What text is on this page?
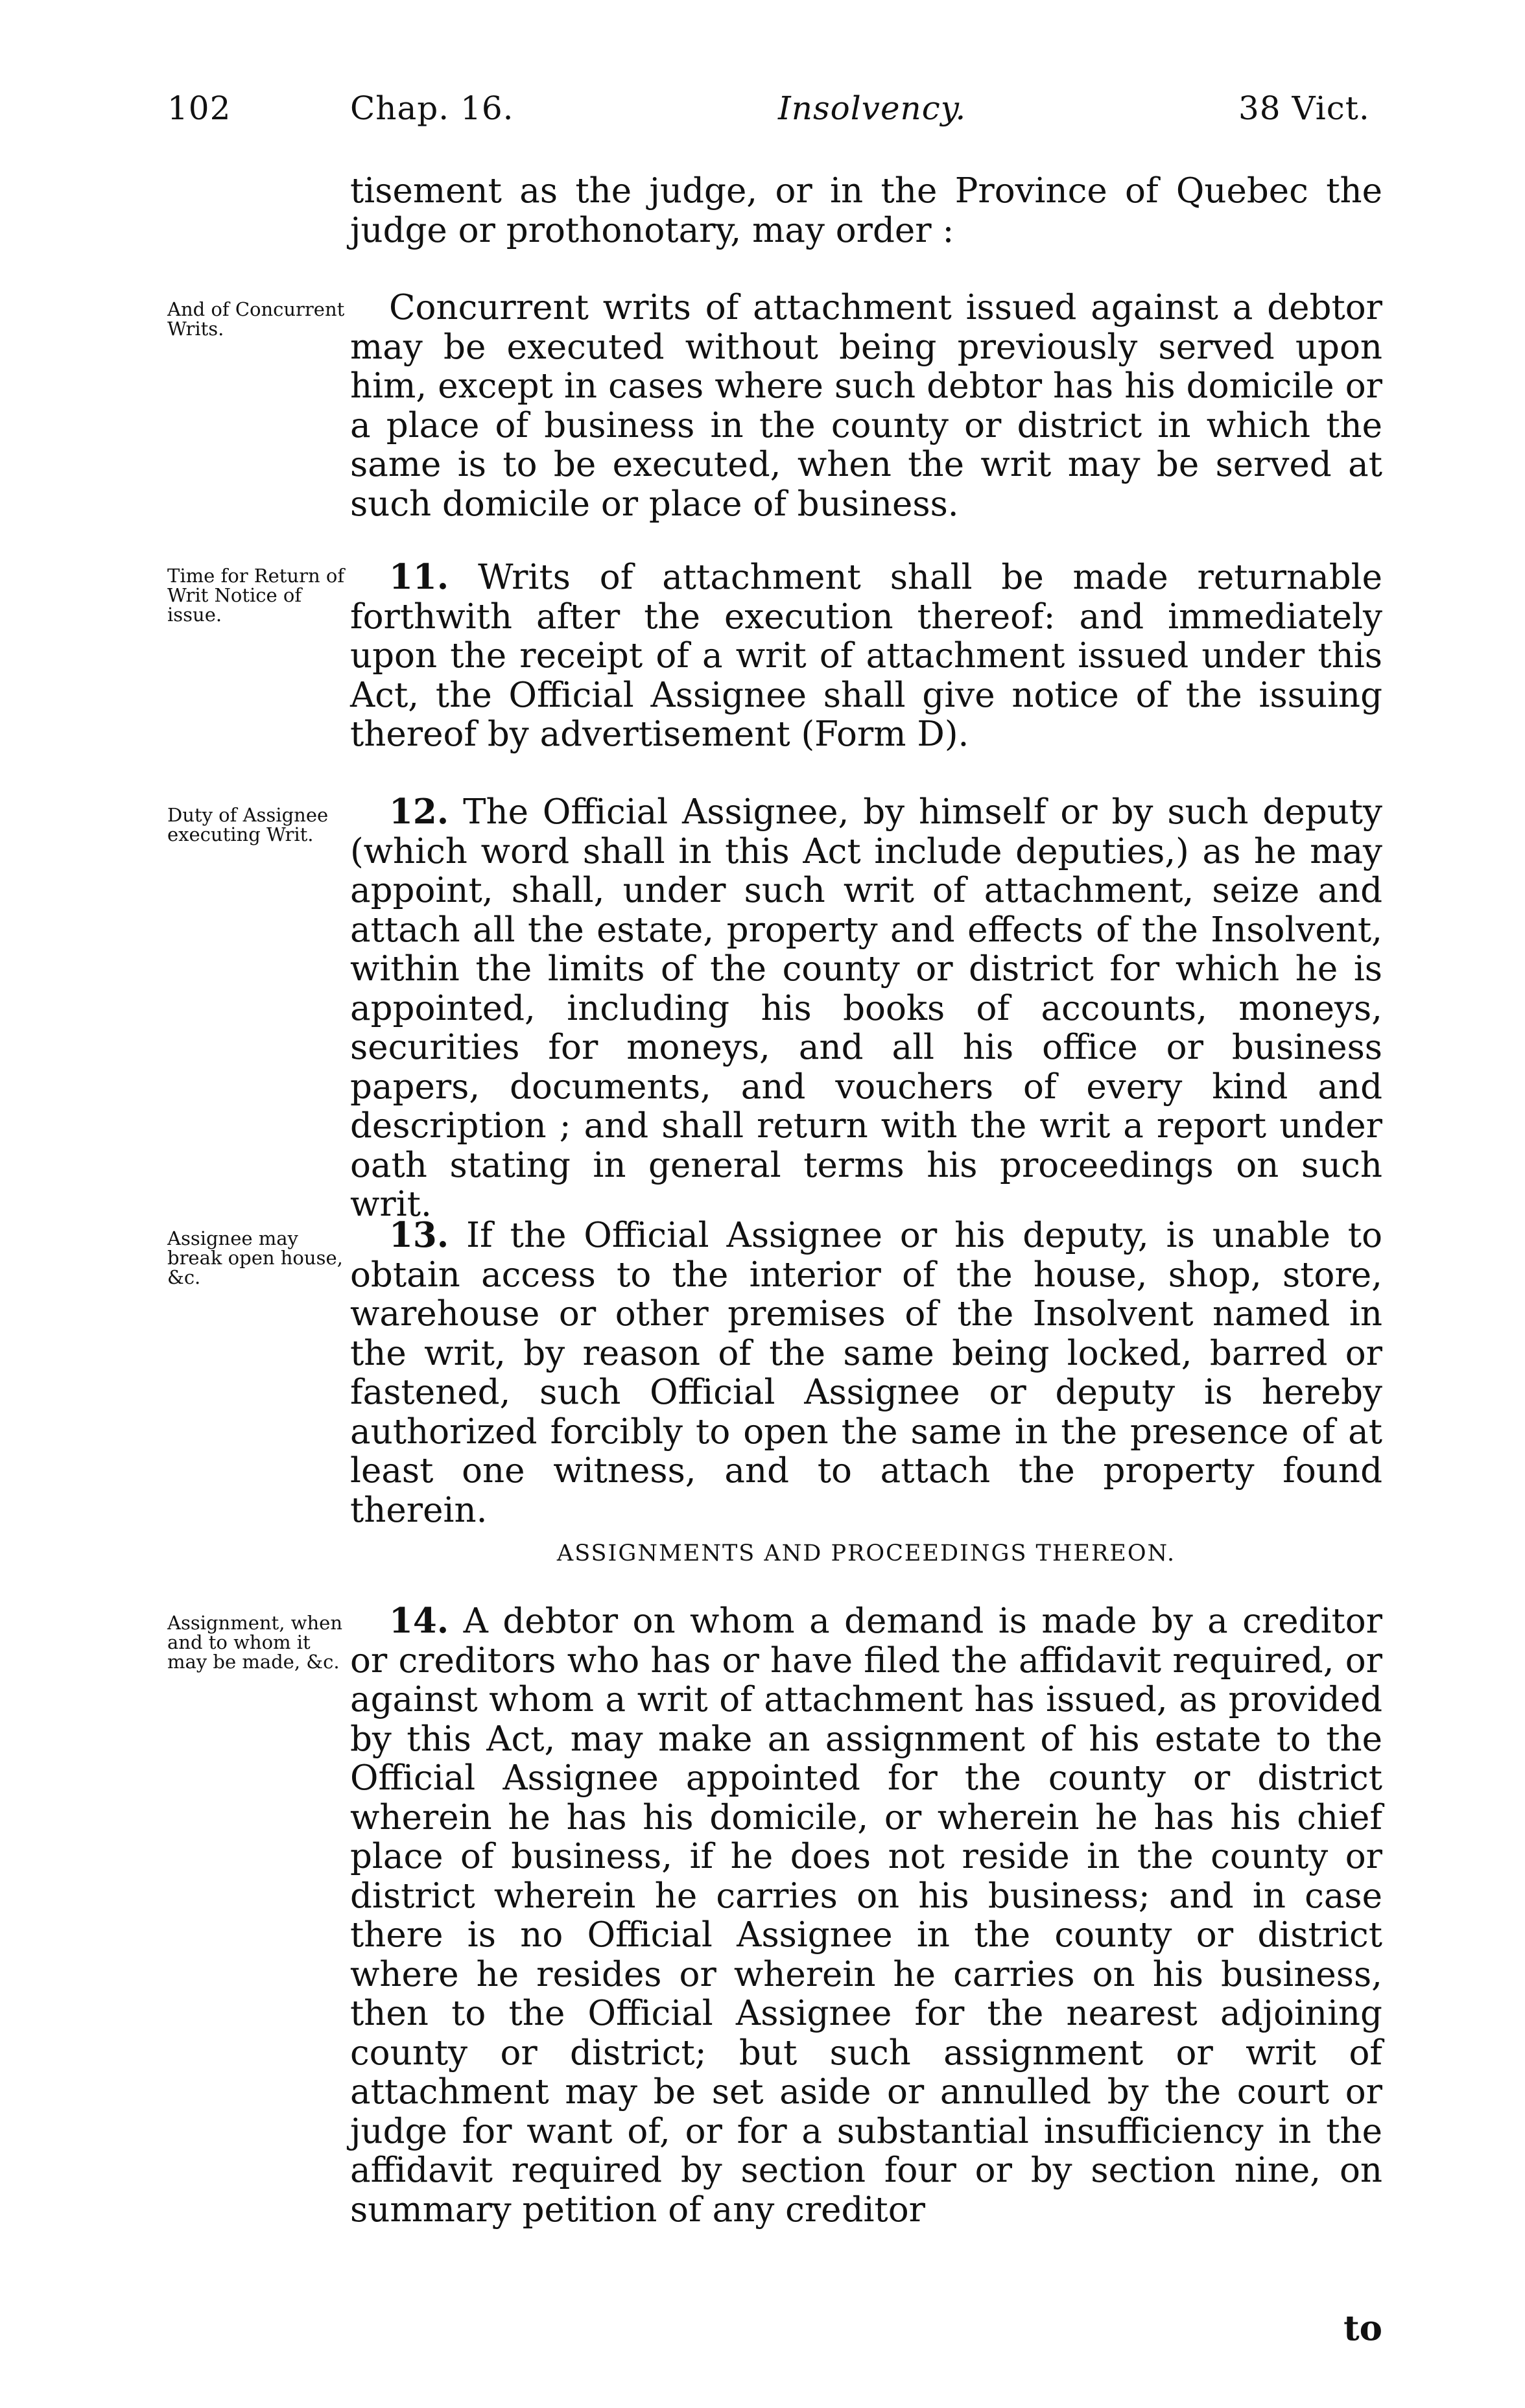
102	Chap. 16.	Insolvency.	38 Vict.
tisement as the judge, or in the Province of Quebec the judge or prothonotary, may order :
And of Concurrent Writs.
Concurrent writs of attachment issued against a debtor may be executed without being previously served upon him, except in cases where such debtor has his domicile or a place of business in the county or district in which the same is to be executed, when the writ may be served at such domicile or place of business.
Time for Return of Writ Notice of issue.
11. Writs of attachment shall be made returnable forthwith after the execution thereof: and immediately upon the receipt of a writ of attachment issued under this Act, the Official Assignee shall give notice of the issuing thereof by advertisement (Form D).
Duty of Assignee executing Writ.
12. The Official Assignee, by himself or by such deputy (which word shall in this Act include deputies,) as he may appoint, shall, under such writ of attachment, seize and attach all the estate, property and effects of the Insolvent, within the limits of the county or district for which he is appointed, including his books of accounts, moneys, securities for moneys, and all his office or business papers, documents, and vouchers of every kind and description ; and shall return with the writ a report under oath stating in general terms his proceedings on such writ.
Assignee may break open house, &c.
13. If the Official Assignee or his deputy, is unable to obtain access to the interior of the house, shop, store, warehouse or other premises of the Insolvent named in the writ, by reason of the same being locked, barred or fastened, such Official Assignee or deputy is hereby authorized forcibly to open the same in the presence of at least one witness, and to attach the property found therein.
ASSIGNMENTS AND PROCEEDINGS THEREON.
Assignment, when and to whom it may be made, &c.
14. A debtor on whom a demand is made by a creditor or creditors who has or have filed the affidavit required, or against whom a writ of attachment has issued, as provided by this Act, may make an assignment of his estate to the Official Assignee appointed for the county or district wherein he has his domicile, or wherein he has his chief place of business, if he does not reside in the county or district wherein he carries on his business; and in case there is no Official Assignee in the county or district where he resides or wherein he carries on his business, then to the Official Assignee for the nearest adjoining county or district; but such assignment or writ of attachment may be set aside or annulled by the court or judge for want of, or for a substantial insufficiency in the affidavit required by section four or by section nine, on summary petition of any creditor
to
